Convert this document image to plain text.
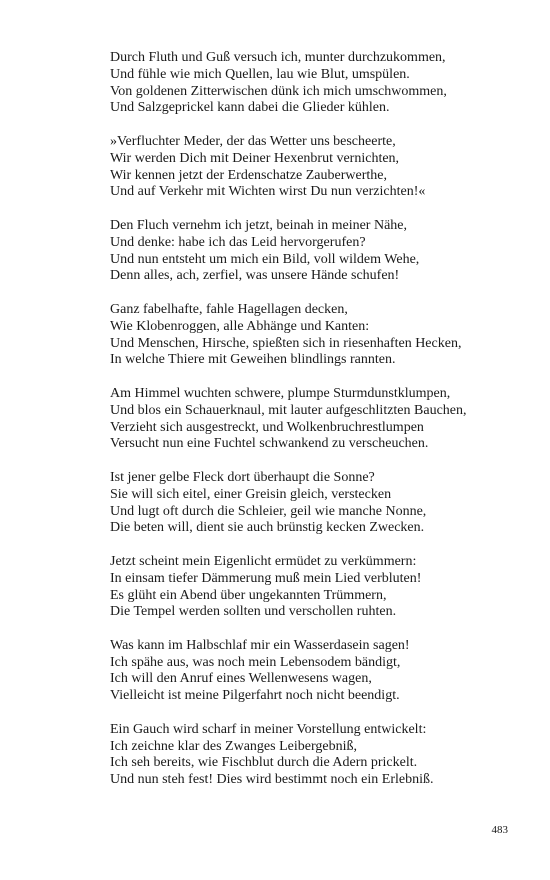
Durch Fluth und Guß versuch ich, munter durchzukommen,
Und fühle wie mich Quellen, lau wie Blut, umspülen.
Von goldenen Zitterwischen dünk ich mich umschwommen,
Und Salzgeprickel kann dabei die Glieder kühlen.
»Verfluchter Meder, der das Wetter uns bescheerte,
Wir werden Dich mit Deiner Hexenbrut vernichten,
Wir kennen jetzt der Erdenschatze Zauberwerthe,
Und auf Verkehr mit Wichten wirst Du nun verzichten!«
Den Fluch vernehm ich jetzt, beinah in meiner Nähe,
Und denke: habe ich das Leid hervorgerufen?
Und nun entsteht um mich ein Bild, voll wildem Wehe,
Denn alles, ach, zerfiel, was unsere Hände schufen!
Ganz fabelhafte, fahle Hagellagen decken,
Wie Klobenroggen, alle Abhänge und Kanten:
Und Menschen, Hirsche, spießten sich in riesenhaften Hecken,
In welche Thiere mit Geweihen blindlings rannten.
Am Himmel wuchten schwere, plumpe Sturmdunstklumpen,
Und blos ein Schauerknaul, mit lauter aufgeschlitzten Bauchen,
Verzieht sich ausgestreckt, und Wolkenbruchrestlumpen
Versucht nun eine Fuchtel schwankend zu verscheuchen.
Ist jener gelbe Fleck dort überhaupt die Sonne?
Sie will sich eitel, einer Greisin gleich, verstecken
Und lugt oft durch die Schleier, geil wie manche Nonne,
Die beten will, dient sie auch brünstig kecken Zwecken.
Jetzt scheint mein Eigenlicht ermüdet zu verkümmern:
In einsam tiefer Dämmerung muß mein Lied verbluten!
Es glüht ein Abend über ungekannten Trümmern,
Die Tempel werden sollten und verschollen ruhten.
Was kann im Halbschlaf mir ein Wasserdasein sagen!
Ich spähe aus, was noch mein Lebensodem bändigt,
Ich will den Anruf eines Wellenwesens wagen,
Vielleicht ist meine Pilgerfahrt noch nicht beendigt.
Ein Gauch wird scharf in meiner Vorstellung entwickelt:
Ich zeichne klar des Zwanges Leibergebniß,
Ich seh bereits, wie Fischblut durch die Adern prickelt.
Und nun steh fest! Dies wird bestimmt noch ein Erlebniß.
483
